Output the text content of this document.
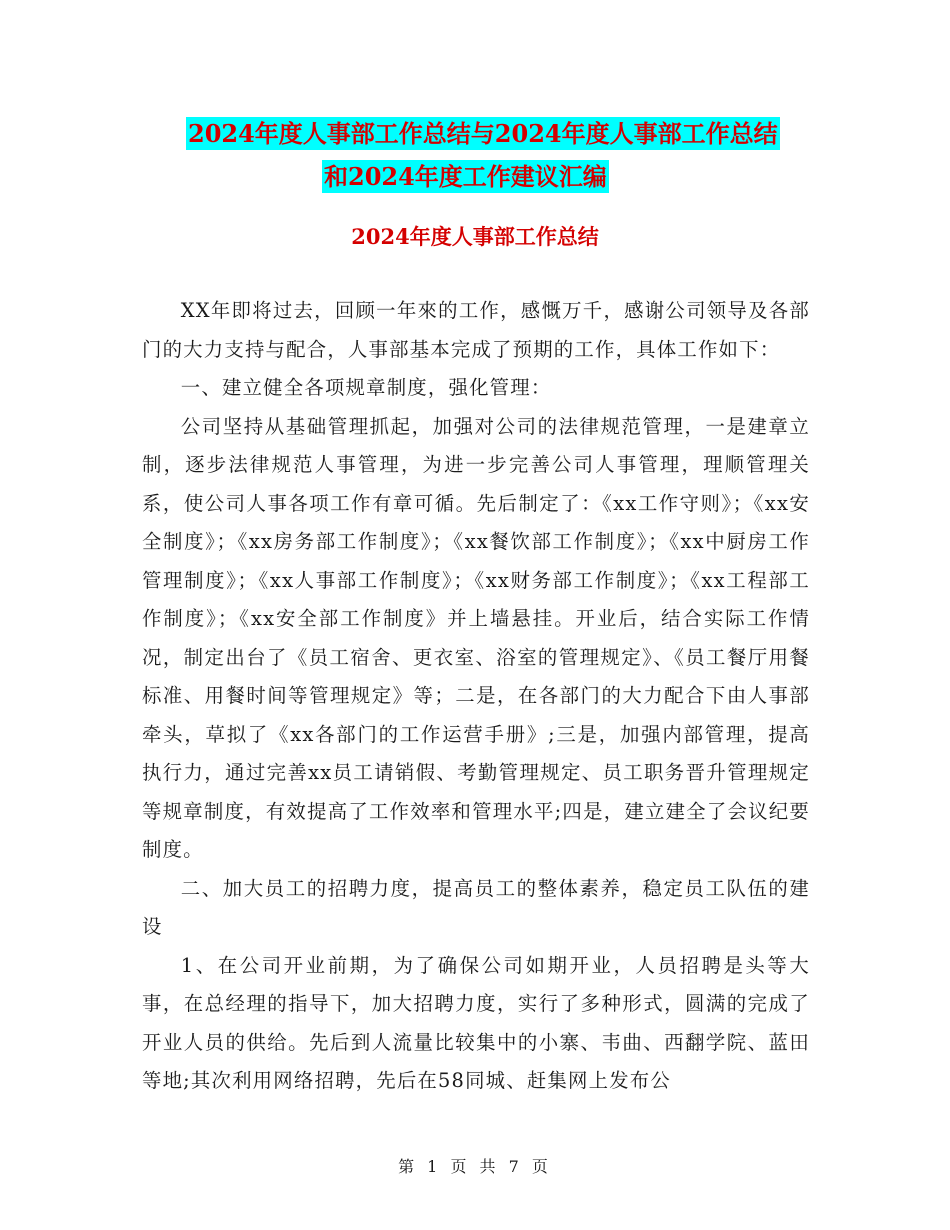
2024年度人事部工作总结与2024年度人事部工作总结
和2024年度工作建议汇编
2024年度人事部工作总结

XX年即将过去，回顾一年來的工作，感慨万千，感谢公司领导及各部门的大力支持与配合，人事部基本完成了预期的工作，具体工作如下：

一、建立健全各项规章制度，强化管理：

公司坚持从基础管理抓起，加强对公司的法律规范管理，一是建章立制，逐步法律规范人事管理，为进一步完善公司人事管理，理顺管理关系，使公司人事各项工作有章可循。先后制定了：《xx工作守则》；《xx安全制度》；《xx房务部工作制度》；《xx餐饮部工作制度》；《xx中厨房工作管理制度》；《xx人事部工作制度》；《xx财务部工作制度》；《xx工程部工作制度》；《xx安全部工作制度》并上墙悬挂。开业后，结合实际工作情况，制定出台了《员工宿舍、更衣室、浴室的管理规定》、《员工餐厅用餐标准、用餐时间等管理规定》等；二是，在各部门的大力配合下由人事部牵头，草拟了《xx各部门的工作运营手册》;三是，加强内部管理，提高执行力，通过完善xx员工请销假、考勤管理规定、员工职务晋升管理规定等规章制度，有效提高了工作效率和管理水平;四是，建立建全了会议纪要制度。

二、加大员工的招聘力度，提高员工的整体素养，稳定员工队伍的建设

1、在公司开业前期，为了确保公司如期开业，人员招聘是头等大事，在总经理的指导下，加大招聘力度，实行了多种形式，圆满的完成了开业人员的供给。先后到人流量比较集中的小寨、韦曲、西翻学院、蓝田等地;其次利用网络招聘，先后在58同城、赶集网上发布公

第 1 页 共 7 页
